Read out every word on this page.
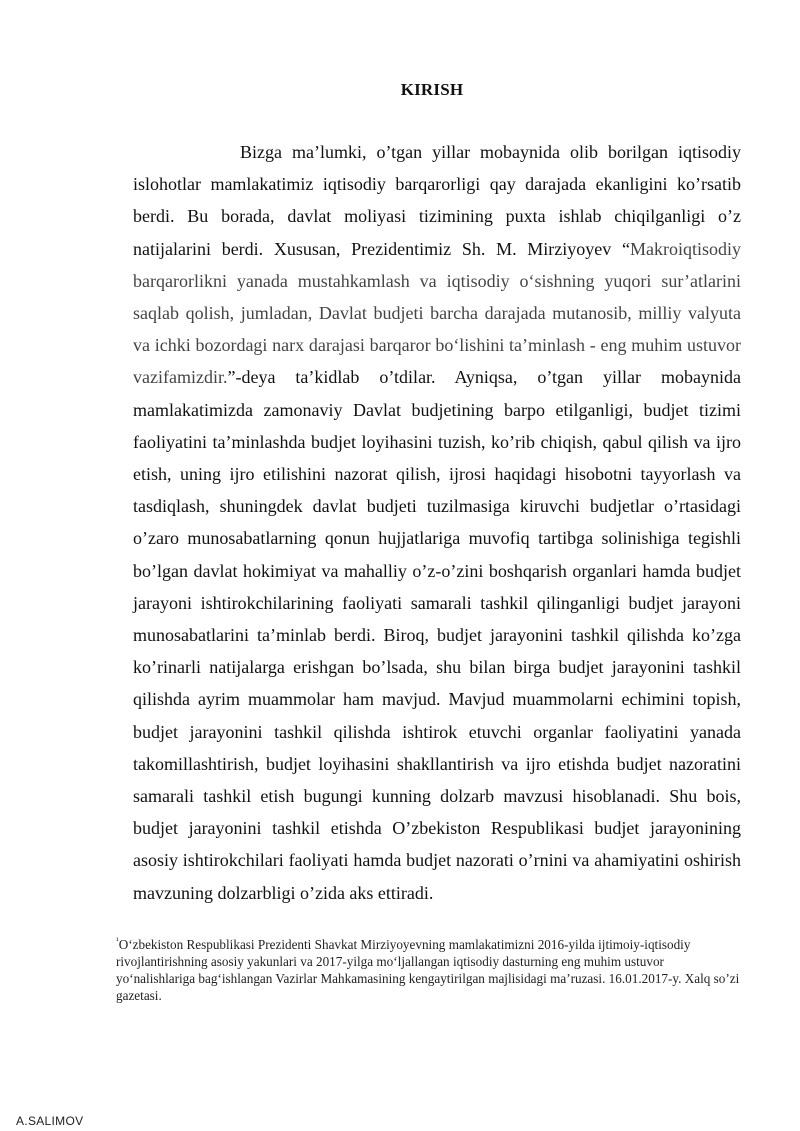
KIRISH

Bizga ma’lumki, o’tgan yillar mobaynida olib borilgan iqtisodiy islohotlar mamlakatimiz iqtisodiy barqarorligi qay darajada ekanligini ko’rsatib berdi. Bu borada, davlat moliyasi tizimining puxta ishlab chiqilganligi o’z natijalarini berdi. Xususan, Prezidentimiz Sh. M. Mirziyoyev “Makroiqtisodiy barqarorlikni yanada mustahkamlash va iqtisodiy o‘sishning yuqori sur’atlarini saqlab qolish, jumladan, Davlat budjeti barcha darajada mutanosib, milliy valyuta va ichki bozordagi narx darajasi barqaror bo‘lishini ta’minlash - eng muhim ustuvor vazifamizdir.”-deya ta’kidlab o’tdilar. Ayniqsa, o’tgan yillar mobaynida mamlakatimizda zamonaviy Davlat budjetining barpo etilganligi, budjet tizimi faoliyatini ta’minlashda budjet loyihasini tuzish, ko’rib chiqish, qabul qilish va ijro etish, uning ijro etilishini nazorat qilish, ijrosi haqidagi hisobotni tayyorlash va tasdiqlash, shuningdek davlat budjeti tuzilmasiga kiruvchi budjetlar o’rtasidagi o’zaro munosabatlarning qonun hujjatlariga muvofiq tartibga solinishiga tegishli bo’lgan davlat hokimiyat va mahalliy o’z-o’zini boshqarish organlari hamda budjet jarayoni ishtirokchilarining faoliyati samarali tashkil qilinganligi budjet jarayoni munosabatlarini ta’minlab berdi. Biroq, budjet jarayonini tashkil qilishda ko’zga ko’rinarli natijalarga erishgan bo’lsada, shu bilan birga budjet jarayonini tashkil qilishda ayrim muammolar ham mavjud. Mavjud muammolarni echimini topish, budjet jarayonini tashkil qilishda ishtirok etuvchi organlar faoliyatini yanada takomillashtirish, budjet loyihasini shakllantirish va ijro etishda budjet nazoratini samarali tashkil etish bugungi kunning dolzarb mavzusi hisoblanadi. Shu bois, budjet jarayonini tashkil etishda O’zbekiston Respublikasi budjet jarayonining asosiy ishtirokchilari faoliyati hamda budjet nazorati o’rnini va ahamiyatini oshirish mavzuning dolzarbligi o’zida aks ettiradi.

$^{^1}$O‘zbekiston Respublikasi Prezidenti Shavkat Mirziyoyevning mamlakatimizni 2016-yilda ijtimoiy-iqtisodiy rivojlantirishning asosiy yakunlari va 2017-yilga mo‘ljallangan iqtisodiy dasturning eng muhim ustuvor yo‘nalishlariga bag‘ishlangan Vazirlar Mahkamasining kengaytirilgan majlisidagi ma’ruzasi. 16.01.2017-y. Xalq so’zi gazetasi.

A.SALIMOV
